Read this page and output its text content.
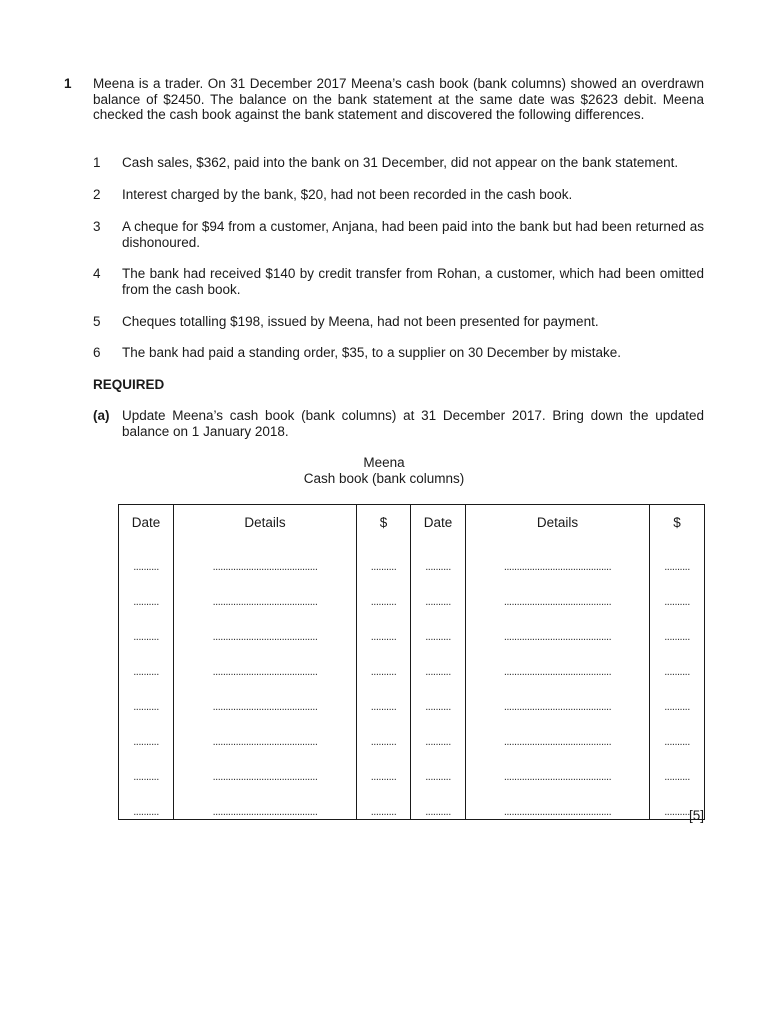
1 Meena is a trader. On 31 December 2017 Meena’s cash book (bank columns) showed an overdrawn balance of $2450. The balance on the bank statement at the same date was $2623 debit. Meena checked the cash book against the bank statement and discovered the following differences.

1 Cash sales, $362, paid into the bank on 31 December, did not appear on the bank statement.
2 Interest charged by the bank, $20, had not been recorded in the cash book.
3 A cheque for $94 from a customer, Anjana, had been paid into the bank but had been returned as dishonoured.
4 The bank had received $140 by credit transfer from Rohan, a customer, which had been omitted from the cash book.
5 Cheques totalling $198, issued by Meena, had not been presented for payment.
6 The bank had paid a standing order, $35, to a supplier on 30 December by mistake.
REQUIRED
(a) Update Meena’s cash book (bank columns) at 31 December 2017. Bring down the updated balance on 1 January 2018.
Meena
Cash book (bank columns)
Date	Details	$	Date	Details	$
..........	.........................................	..........	..........	..........................................	..........
..........	.........................................	..........	..........	..........................................	..........
..........	.........................................	..........	..........	..........................................	..........
..........	.........................................	..........	..........	..........................................	..........
..........	.........................................	..........	..........	..........................................	..........
..........	.........................................	..........	..........	..........................................	..........
..........	.........................................	..........	..........	..........................................	..........
..........	.........................................	..........	..........	..........................................	.......... [5]
